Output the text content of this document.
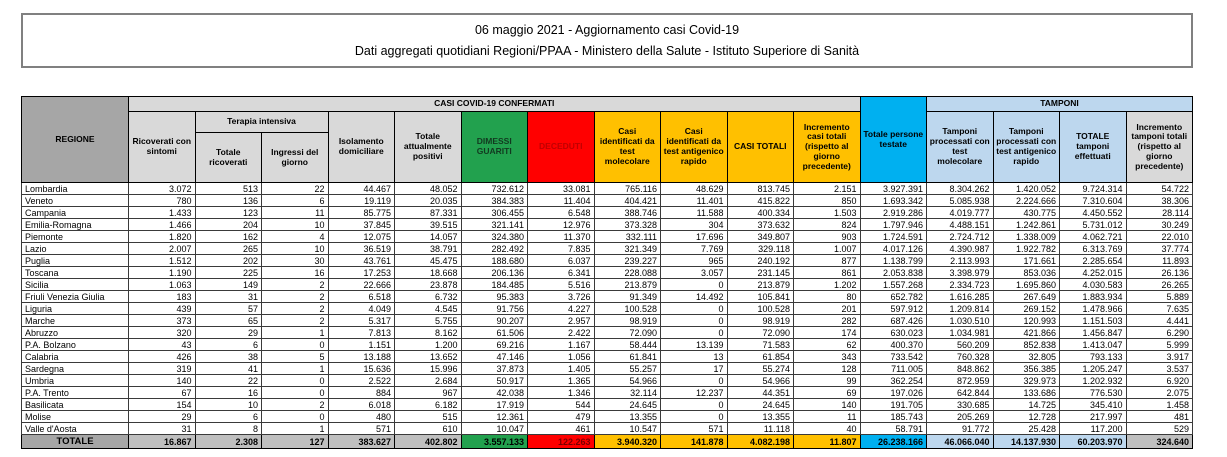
06 maggio 2021 - Aggiornamento casi Covid-19
Dati aggregati quotidiani Regioni/PPAA - Ministero della Salute - Istituto Superiore di Sanità
REGIONE	CASI COVID-19 CONFERMATI											Totale persone testate	TAMPONI			
	Ricoverati con sintomi	Terapia intensiva		Isolamento domiciliare	Totale attualmente positivi	DIMESSI GUARITI	DECEDUTI	Casi identificati da test molecolare	Casi identificati da test antigenico rapido	CASI TOTALI	Incremento casi totali (rispetto al giorno precedente)		Tamponi processati con test molecolare	Tamponi processati con test antigenico rapido	TOTALE tamponi effettuati	Incremento tamponi totali (rispetto al giorno precedente)
		Totale ricoverati	Ingressi del giorno													
Lombardia	3.072	513	22	44.467	48.052	732.612	33.081	765.116	48.629	813.745	2.151	3.927.391	8.304.262	1.420.052	9.724.314	54.722
Veneto	780	136	6	19.119	20.035	384.383	11.404	404.421	11.401	415.822	850	1.693.342	5.085.938	2.224.666	7.310.604	38.306
Campania	1.433	123	11	85.775	87.331	306.455	6.548	388.746	11.588	400.334	1.503	2.919.286	4.019.777	430.775	4.450.552	28.114
Emilia-Romagna	1.466	204	10	37.845	39.515	321.141	12.976	373.328	304	373.632	824	1.797.946	4.488.151	1.242.861	5.731.012	30.249
Piemonte	1.820	162	4	12.075	14.057	324.380	11.370	332.111	17.696	349.807	903	1.724.591	2.724.712	1.338.009	4.062.721	22.010
Lazio	2.007	265	10	36.519	38.791	282.492	7.835	321.349	7.769	329.118	1.007	4.017.126	4.390.987	1.922.782	6.313.769	37.774
Puglia	1.512	202	30	43.761	45.475	188.680	6.037	239.227	965	240.192	877	1.138.799	2.113.993	171.661	2.285.654	11.893
Toscana	1.190	225	16	17.253	18.668	206.136	6.341	228.088	3.057	231.145	861	2.053.838	3.398.979	853.036	4.252.015	26.136
Sicilia	1.063	149	2	22.666	23.878	184.485	5.516	213.879	0	213.879	1.202	1.557.268	2.334.723	1.695.860	4.030.583	26.265
Friuli Venezia Giulia	183	31	2	6.518	6.732	95.383	3.726	91.349	14.492	105.841	80	652.782	1.616.285	267.649	1.883.934	5.889
Liguria	439	57	2	4.049	4.545	91.756	4.227	100.528	0	100.528	201	597.912	1.209.814	269.152	1.478.966	7.635
Marche	373	65	2	5.317	5.755	90.207	2.957	98.919	0	98.919	282	687.426	1.030.510	120.993	1.151.503	4.441
Abruzzo	320	29	1	7.813	8.162	61.506	2.422	72.090	0	72.090	174	630.023	1.034.981	421.866	1.456.847	6.290
P.A. Bolzano	43	6	0	1.151	1.200	69.216	1.167	58.444	13.139	71.583	62	400.370	560.209	852.838	1.413.047	5.999
Calabria	426	38	5	13.188	13.652	47.146	1.056	61.841	13	61.854	343	733.542	760.328	32.805	793.133	3.917
Sardegna	319	41	1	15.636	15.996	37.873	1.405	55.257	17	55.274	128	711.005	848.862	356.385	1.205.247	3.537
Umbria	140	22	0	2.522	2.684	50.917	1.365	54.966	0	54.966	99	362.254	872.959	329.973	1.202.932	6.920
P.A. Trento	67	16	0	884	967	42.038	1.346	32.114	12.237	44.351	69	197.026	642.844	133.686	776.530	2.075
Basilicata	154	10	2	6.018	6.182	17.919	544	24.645	0	24.645	140	191.705	330.685	14.725	345.410	1.458
Molise	29	6	0	480	515	12.361	479	13.355	0	13.355	11	185.743	205.269	12.728	217.997	481
Valle d'Aosta	31	8	1	571	610	10.047	461	10.547	571	11.118	40	58.791	91.772	25.428	117.200	529
TOTALE	16.867	2.308	127	383.627	402.802	3.557.133	122.263	3.940.320	141.878	4.082.198	11.807	26.238.166	46.066.040	14.137.930	60.203.970	324.640
